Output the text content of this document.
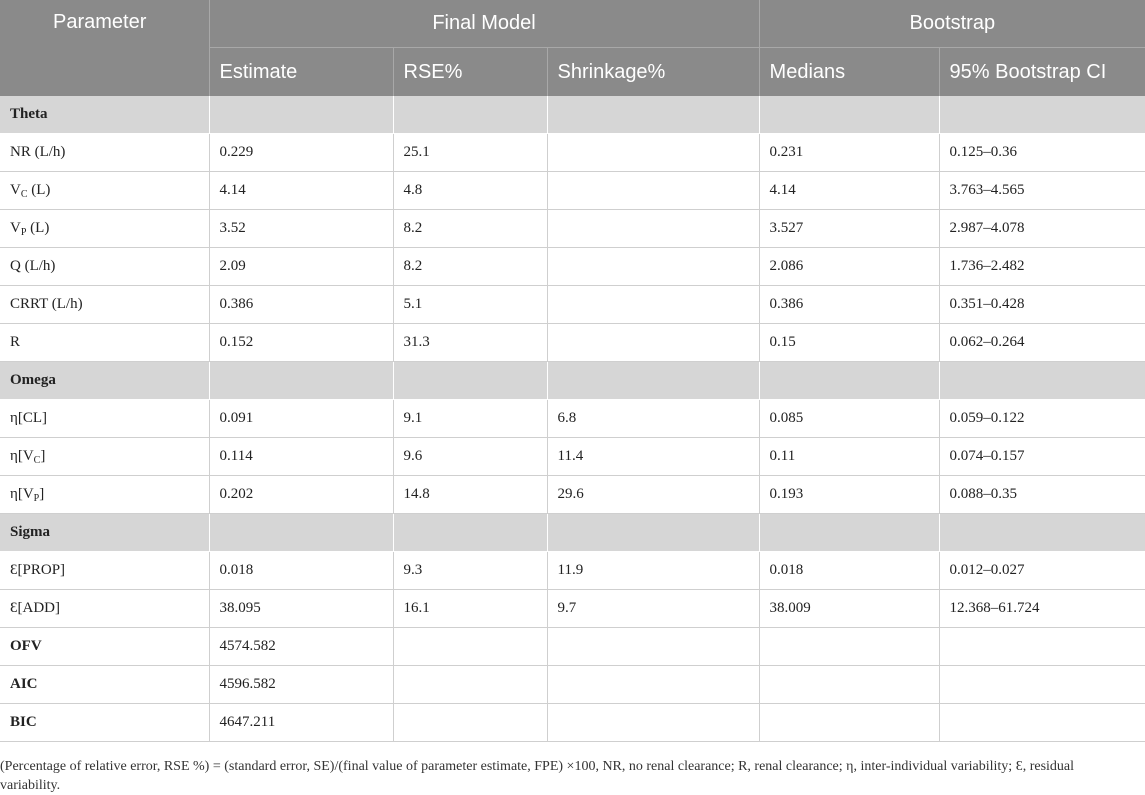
Parameter	Final Model			Bootstrap	
	Estimate	RSE%	Shrinkage%	Medians	95% Bootstrap CI
Theta					
NR (L/h)	0.229	25.1		0.231	0.125–0.36
$V_C$ (L)	4.14	4.8		4.14	3.763–4.565
$V_P$ (L)	3.52	8.2		3.527	2.987–4.078
Q (L/h)	2.09	8.2		2.086	1.736–2.482
CRRT (L/h)	0.386	5.1		0.386	0.351–0.428
R	0.152	31.3		0.15	0.062–0.264
Omega					
η[CL]	0.091	9.1	6.8	0.085	0.059–0.122
$\eta[V_C]$	0.114	9.6	11.4	0.11	0.074–0.157
$\eta[V_P]$	0.202	14.8	29.6	0.193	0.088–0.35
Sigma					
Ɛ[PROP]	0.018	9.3	11.9	0.018	0.012–0.027
Ɛ[ADD]	38.095	16.1	9.7	38.009	12.368–61.724
OFV	4574.582				
AIC	4596.582				
BIC	4647.211				
(Percentage of relative error, RSE %) = (standard error, SE)/(final value of parameter estimate, FPE) ×100, NR, no renal clearance; R, renal clearance; η, inter-individual variability; Ɛ, residual variability.
